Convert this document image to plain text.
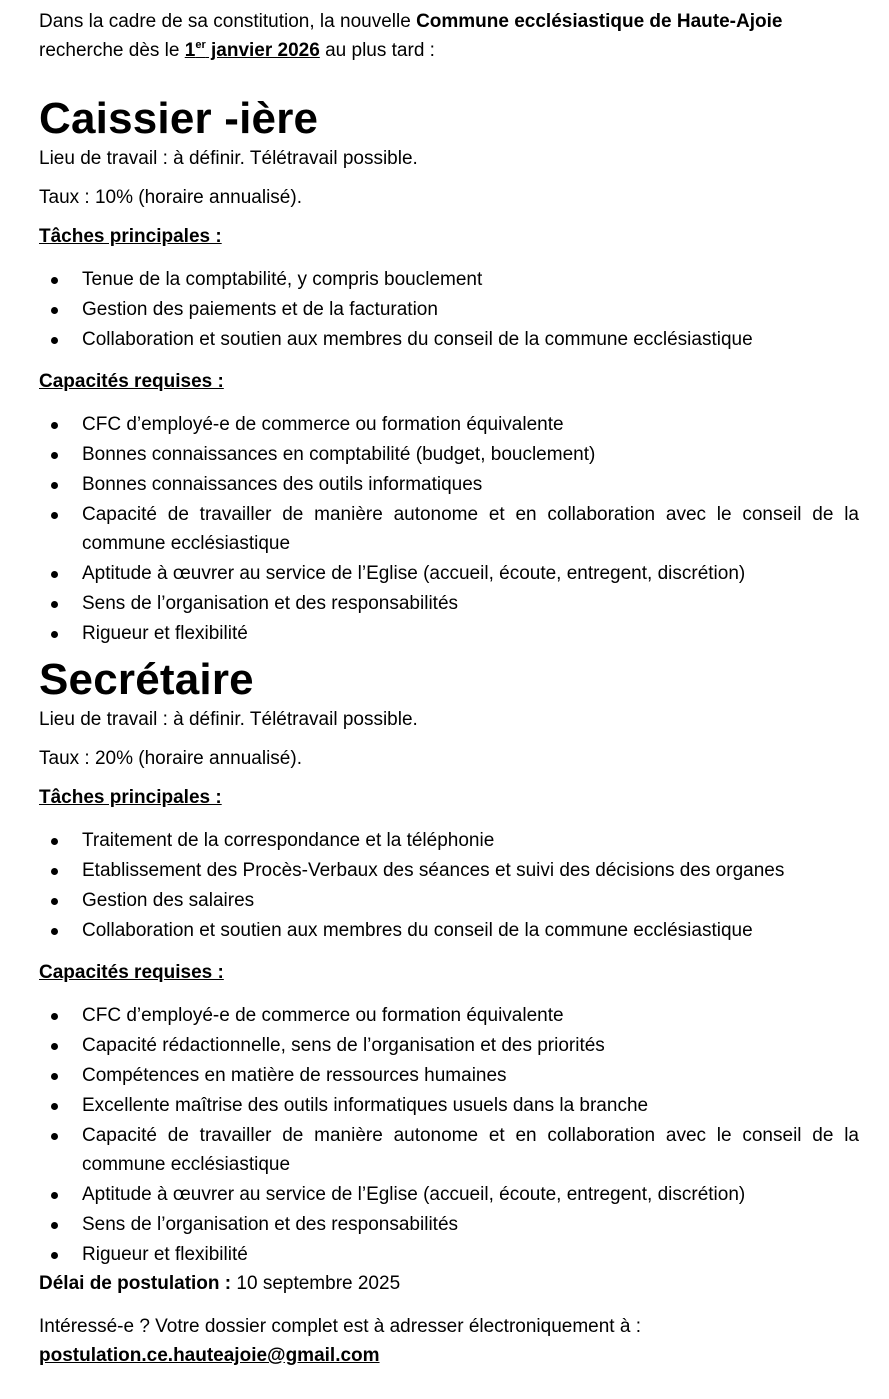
Dans la cadre de sa constitution, la nouvelle Commune ecclésiastique de Haute-Ajoie
recherche dès le 1er janvier 2026 au plus tard :

Caissier -ière

Lieu de travail : à définir. Télétravail possible.

Taux : 10% (horaire annualisé).

Tâches principales :

Tenue de la comptabilité, y compris bouclement
Gestion des paiements et de la facturation
Collaboration et soutien aux membres du conseil de la commune ecclésiastique

Capacités requises :

CFC d’employé-e de commerce ou formation équivalente
Bonnes connaissances en comptabilité (budget, bouclement)
Bonnes connaissances des outils informatiques
Capacité de travailler de manière autonome et en collaboration avec le conseil de la commune ecclésiastique
Aptitude à œuvrer au service de l’Eglise (accueil, écoute, entregent, discrétion)
Sens de l’organisation et des responsabilités
Rigueur et flexibilité
Secrétaire

Lieu de travail : à définir. Télétravail possible.

Taux : 20% (horaire annualisé).

Tâches principales :

Traitement de la correspondance et la téléphonie
Etablissement des Procès-Verbaux des séances et suivi des décisions des organes
Gestion des salaires
Collaboration et soutien aux membres du conseil de la commune ecclésiastique

Capacités requises :

CFC d’employé-e de commerce ou formation équivalente
Capacité rédactionnelle, sens de l’organisation et des priorités
Compétences en matière de ressources humaines
Excellente maîtrise des outils informatiques usuels dans la branche
Capacité de travailler de manière autonome et en collaboration avec le conseil de la commune ecclésiastique
Aptitude à œuvrer au service de l’Eglise (accueil, écoute, entregent, discrétion)
Sens de l’organisation et des responsabilités
Rigueur et flexibilité

Délai de postulation : 10 septembre 2025

Intéressé-e ? Votre dossier complet est à adresser électroniquement à :
postulation.ce.hauteajoie@gmail.com
